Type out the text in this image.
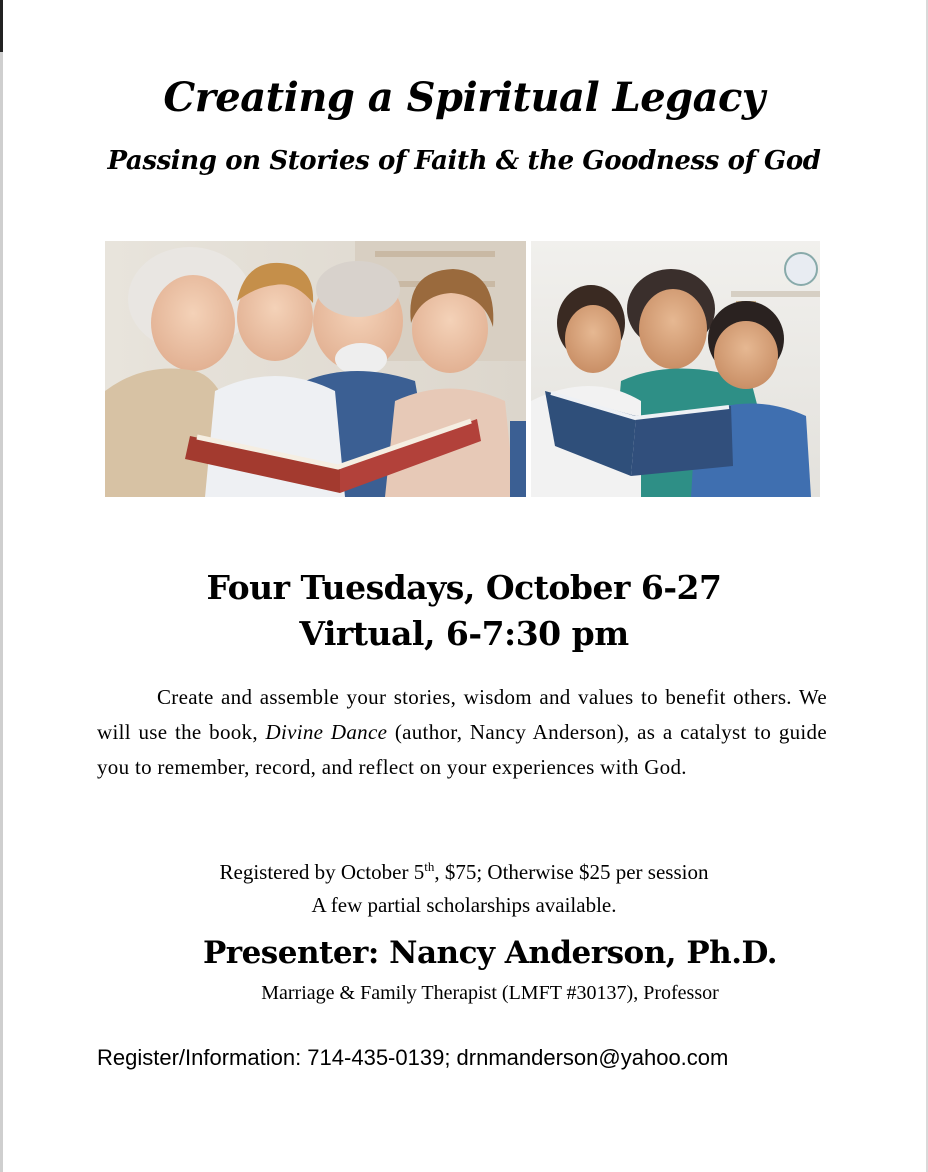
Creating a Spiritual Legacy
Passing on Stories of Faith & the Goodness of God
Four Tuesdays, October 6-27
Virtual, 6-7:30 pm
Create and assemble your stories, wisdom and values to benefit others. We will use the book, Divine Dance (author, Nancy Anderson), as a catalyst to guide you to remember, record, and reflect on your experiences with God.
Registered by October 5th, $75; Otherwise $25 per session
A few partial scholarships available.
Presenter: Nancy Anderson, Ph.D.
Marriage & Family Therapist (LMFT #30137), Professor
Register/Information: 714-435-0139; drnmanderson@yahoo.com
